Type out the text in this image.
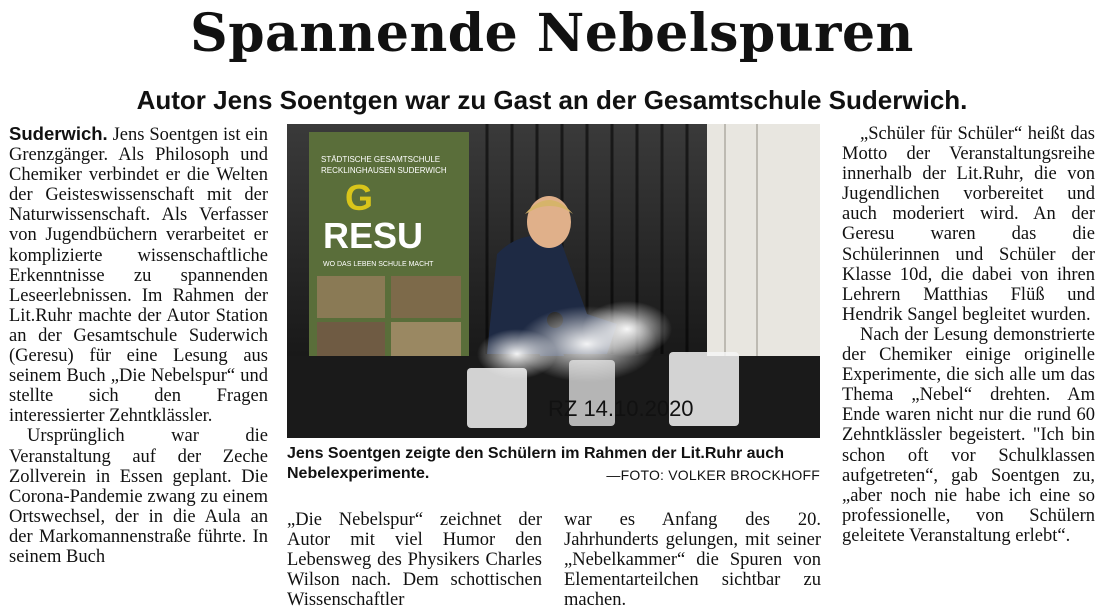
Spannende Nebelspuren
Autor Jens Soentgen war zu Gast an der Gesamtschule Suderwich.

Suderwich. Jens Soentgen ist ein Grenzgänger. Als Philosoph und Chemiker verbindet er die Welten der Geisteswissenschaft mit der Naturwissenschaft. Als Verfasser von Jugendbüchern verarbeitet er komplizierte wissenschaftliche Erkenntnisse zu spannenden Leseerlebnissen. Im Rahmen der Lit.Ruhr machte der Autor Station an der Gesamtschule Suderwich (Geresu) für eine Lesung aus seinem Buch „Die Nebelspur“ und stellte sich den Fragen interessierter Zehntklässler.

Ursprünglich war die Veranstaltung auf der Zeche Zollverein in Essen geplant. Die Corona-Pandemie zwang zu einem Ortswechsel, der in die Aula an der Markomannenstraße führte. In seinem Buch

STÄDTISCHE GESAMTSCHULE
RECKLINGHAUSEN SUDERWICH
G
RESU
WO DAS LEBEN SCHULE MACHT
RZ 14.10.2020
Jens Soentgen zeigte den Schülern im Rahmen der Lit.Ruhr auch Nebelexperimente.	—FOTO: VOLKER BROCKHOFF

„Die Nebelspur“ zeichnet der Autor mit viel Humor den Lebensweg des Physikers Charles Wilson nach. Dem schottischen Wissenschaftler

war es Anfang des 20. Jahrhunderts gelungen, mit seiner „Nebelkammer“ die Spuren von Elementarteilchen sichtbar zu machen.

„Schüler für Schüler“ heißt das Motto der Veranstaltungsreihe innerhalb der Lit.Ruhr, die von Jugendlichen vorbereitet und auch moderiert wird. An der Geresu waren das die Schülerinnen und Schüler der Klasse 10d, die dabei von ihren Lehrern Matthias Flüß und Hendrik Sangel begleitet wurden.

Nach der Lesung demonstrierte der Chemiker einige originelle Experimente, die sich alle um das Thema „Nebel“ drehten. Am Ende waren nicht nur die rund 60 Zehntklässler begeistert. "Ich bin schon oft vor Schulklassen aufgetreten“, gab Soentgen zu, „aber noch nie habe ich eine so professionelle, von Schülern geleitete Veranstaltung erlebt“.
